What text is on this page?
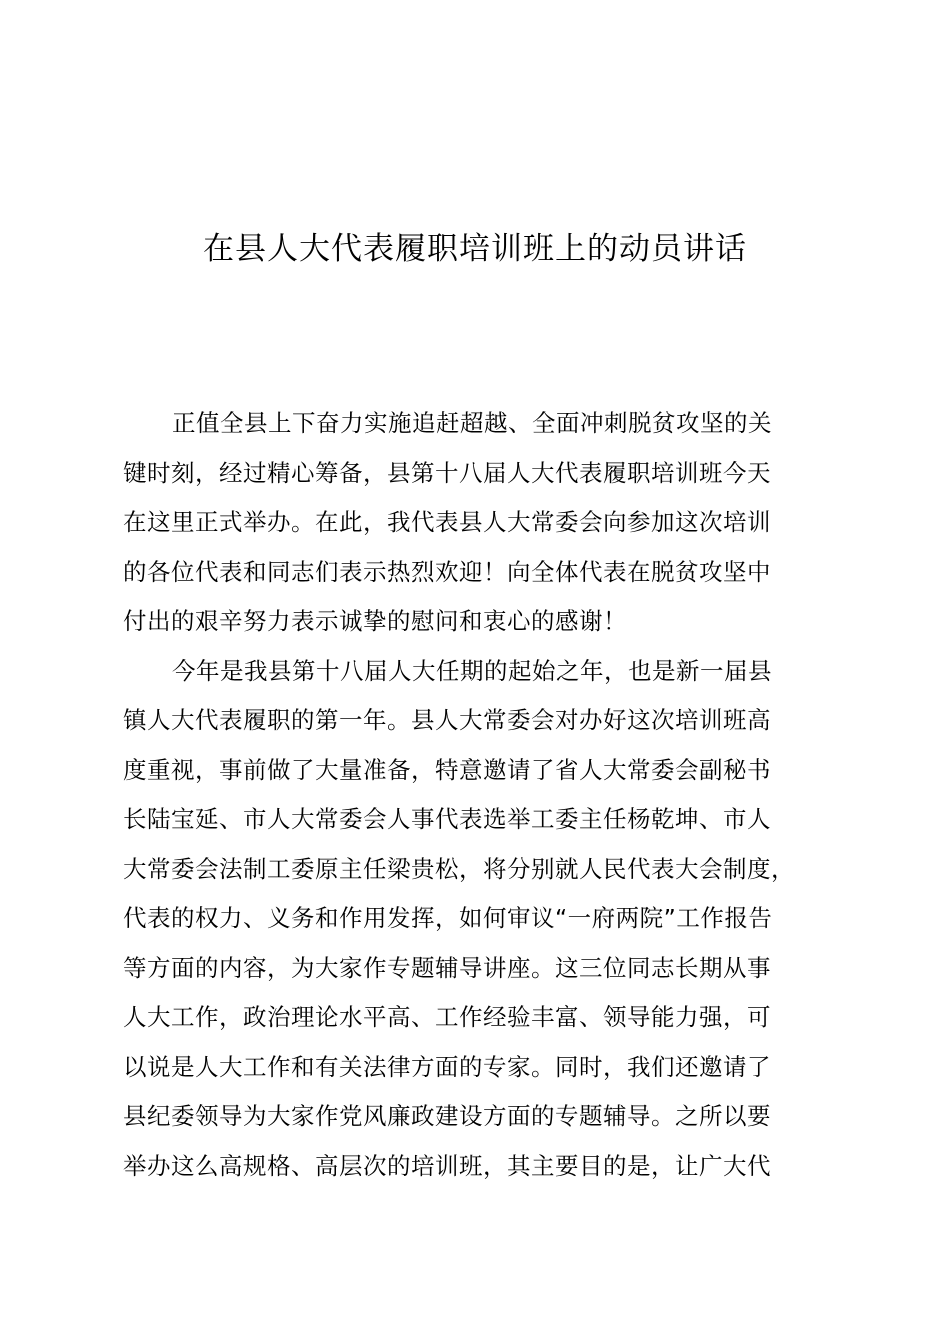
在县人大代表履职培训班上的动员讲话
正值全县上下奋力实施追赶超越、全面冲刺脱贫攻坚的关
键时刻，经过精心筹备，县第十八届人大代表履职培训班今天
在这里正式举办。在此，我代表县人大常委会向参加这次培训
的各位代表和同志们表示热烈欢迎！向全体代表在脱贫攻坚中
付出的艰辛努力表示诚挚的慰问和衷心的感谢！
今年是我县第十八届人大任期的起始之年，也是新一届县
镇人大代表履职的第一年。县人大常委会对办好这次培训班高
度重视，事前做了大量准备，特意邀请了省人大常委会副秘书
长陆宝延、市人大常委会人事代表选举工委主任杨乾坤、市人
大常委会法制工委原主任梁贵松，将分别就人民代表大会制度，
代表的权力、义务和作用发挥，如何审议“一府两院”工作报告
等方面的内容，为大家作专题辅导讲座。这三位同志长期从事
人大工作，政治理论水平高、工作经验丰富、领导能力强，可
以说是人大工作和有关法律方面的专家。同时，我们还邀请了
县纪委领导为大家作党风廉政建设方面的专题辅导。之所以要
举办这么高规格、高层次的培训班，其主要目的是，让广大代
